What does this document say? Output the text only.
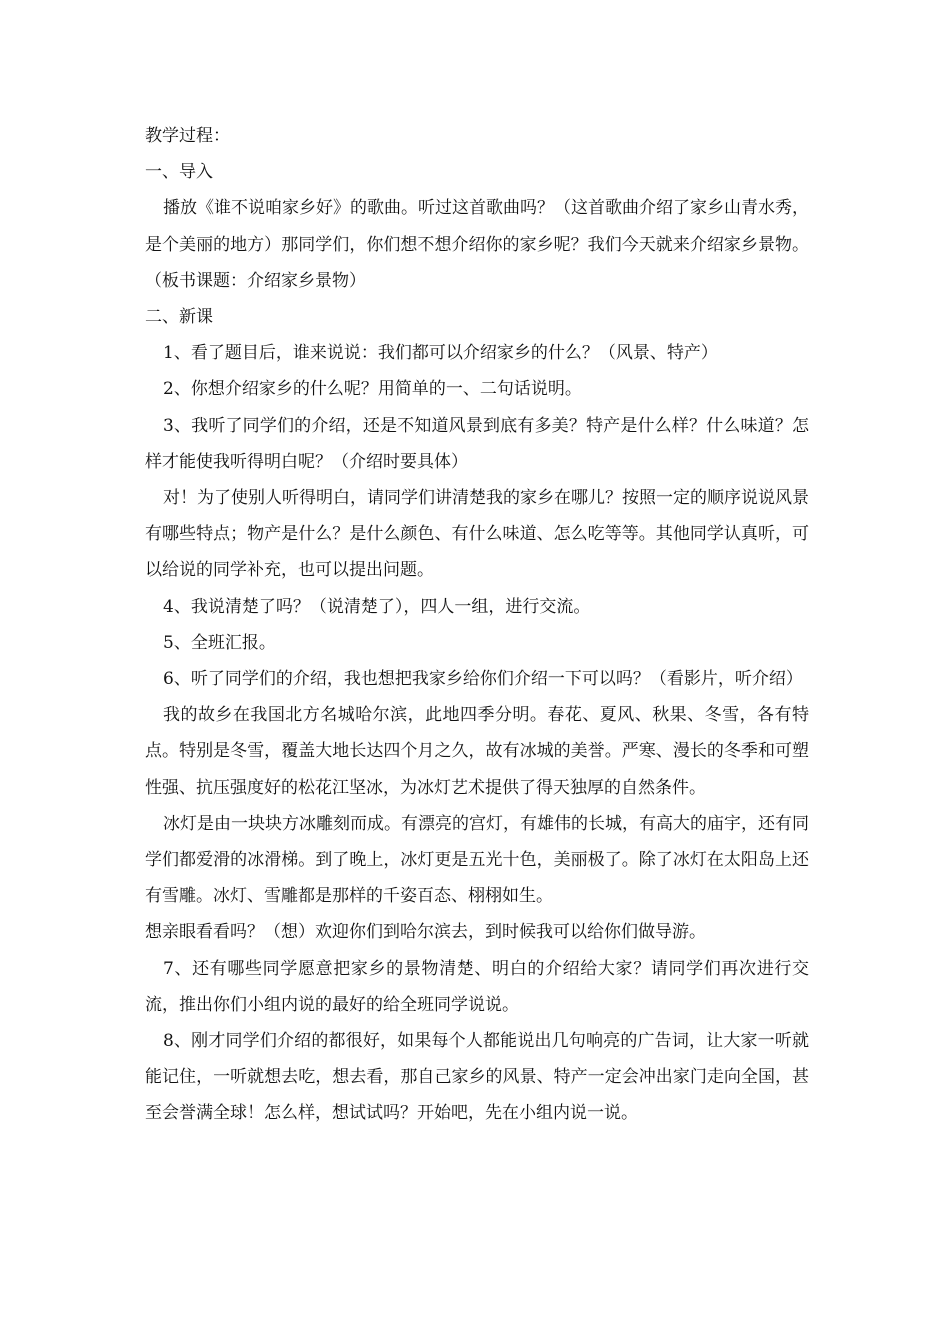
教学过程：

一、导入

播放《谁不说咱家乡好》的歌曲。听过这首歌曲吗？（这首歌曲介绍了家乡山青水秀，是个美丽的地方）那同学们，你们想不想介绍你的家乡呢？我们今天就来介绍家乡景物。（板书课题：介绍家乡景物）

二、新课

1、看了题目后，谁来说说：我们都可以介绍家乡的什么？（风景、特产）

2、你想介绍家乡的什么呢？用简单的一、二句话说明。

3、我听了同学们的介绍，还是不知道风景到底有多美？特产是什么样？什么味道？怎样才能使我听得明白呢？（介绍时要具体）

对！为了使别人听得明白，请同学们讲清楚我的家乡在哪儿？按照一定的顺序说说风景有哪些特点；物产是什么？是什么颜色、有什么味道、怎么吃等等。其他同学认真听，可以给说的同学补充，也可以提出问题。

4、我说清楚了吗？（说清楚了），四人一组，进行交流。

5、全班汇报。

6、听了同学们的介绍，我也想把我家乡给你们介绍一下可以吗？（看影片，听介绍）

我的故乡在我国北方名城哈尔滨，此地四季分明。春花、夏风、秋果、冬雪，各有特点。特别是冬雪，覆盖大地长达四个月之久，故有冰城的美誉。严寒、漫长的冬季和可塑性强、抗压强度好的松花江坚冰，为冰灯艺术提供了得天独厚的自然条件。

冰灯是由一块块方冰雕刻而成。有漂亮的宫灯，有雄伟的长城，有高大的庙宇，还有同学们都爱滑的冰滑梯。到了晚上，冰灯更是五光十色，美丽极了。除了冰灯在太阳岛上还有雪雕。冰灯、雪雕都是那样的千姿百态、栩栩如生。

想亲眼看看吗？（想）欢迎你们到哈尔滨去，到时候我可以给你们做导游。

7、还有哪些同学愿意把家乡的景物清楚、明白的介绍给大家？请同学们再次进行交流，推出你们小组内说的最好的给全班同学说说。

8、刚才同学们介绍的都很好，如果每个人都能说出几句响亮的广告词，让大家一听就能记住，一听就想去吃，想去看，那自己家乡的风景、特产一定会冲出家门走向全国，甚至会誉满全球！怎么样，想试试吗？开始吧，先在小组内说一说。
